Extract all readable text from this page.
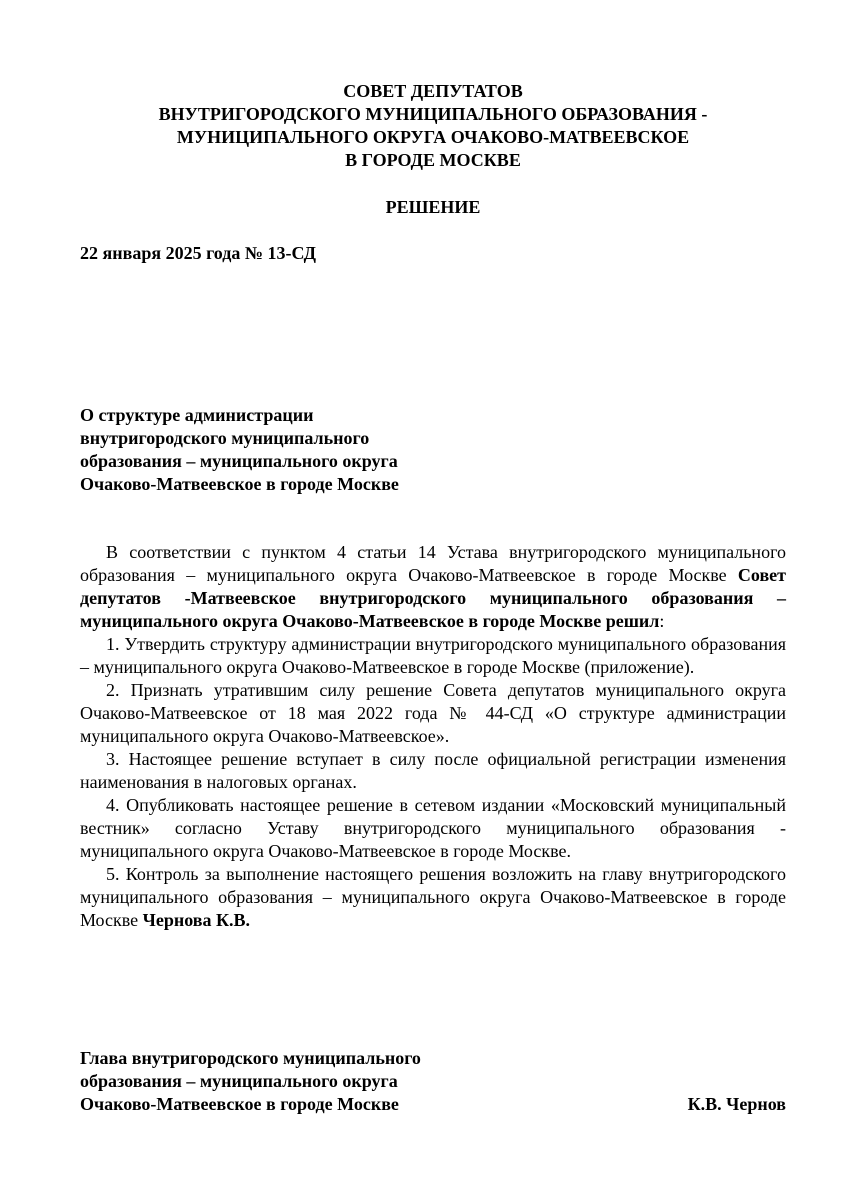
СОВЕТ ДЕПУТАТОВ
ВНУТРИГОРОДСКОГО МУНИЦИПАЛЬНОГО ОБРАЗОВАНИЯ -
МУНИЦИПАЛЬНОГО ОКРУГА ОЧАКОВО-МАТВЕЕВСКОЕ
В ГОРОДЕ МОСКВЕ
РЕШЕНИЕ
22 января 2025 года № 13-СД
О структуре администрации
внутригородского муниципального
образования – муниципального округа
Очаково-Матвеевское в городе Москве

В соответствии с пунктом 4 статьи 14 Устава внутригородского муниципального образования – муниципального округа Очаково-Матвеевское в городе Москве Совет депутатов -Матвеевское внутригородского муниципального образования – муниципального округа Очаково-Матвеевское в городе Москве решил:

1. Утвердить структуру администрации внутригородского муниципального образования – муниципального округа Очаково-Матвеевское в городе Москве (приложение).

2. Признать утратившим силу решение Совета депутатов муниципального округа Очаково-Матвеевское от 18 мая 2022 года № 44-СД «О структуре администрации муниципального округа Очаково-Матвеевское».

3. Настоящее решение вступает в силу после официальной регистрации изменения наименования в налоговых органах.

4. Опубликовать настоящее решение в сетевом издании «Московский муниципальный вестник» согласно Уставу внутригородского муниципального образования - муниципального округа Очаково-Матвеевское в городе Москве.

5. Контроль за выполнение настоящего решения возложить на главу внутригородского муниципального образования – муниципального округа Очаково-Матвеевское в городе Москве Чернова К.В.

Глава внутригородского муниципального
образования – муниципального округа
Очаково-Матвеевское в городе Москве	К.В. Чернов
